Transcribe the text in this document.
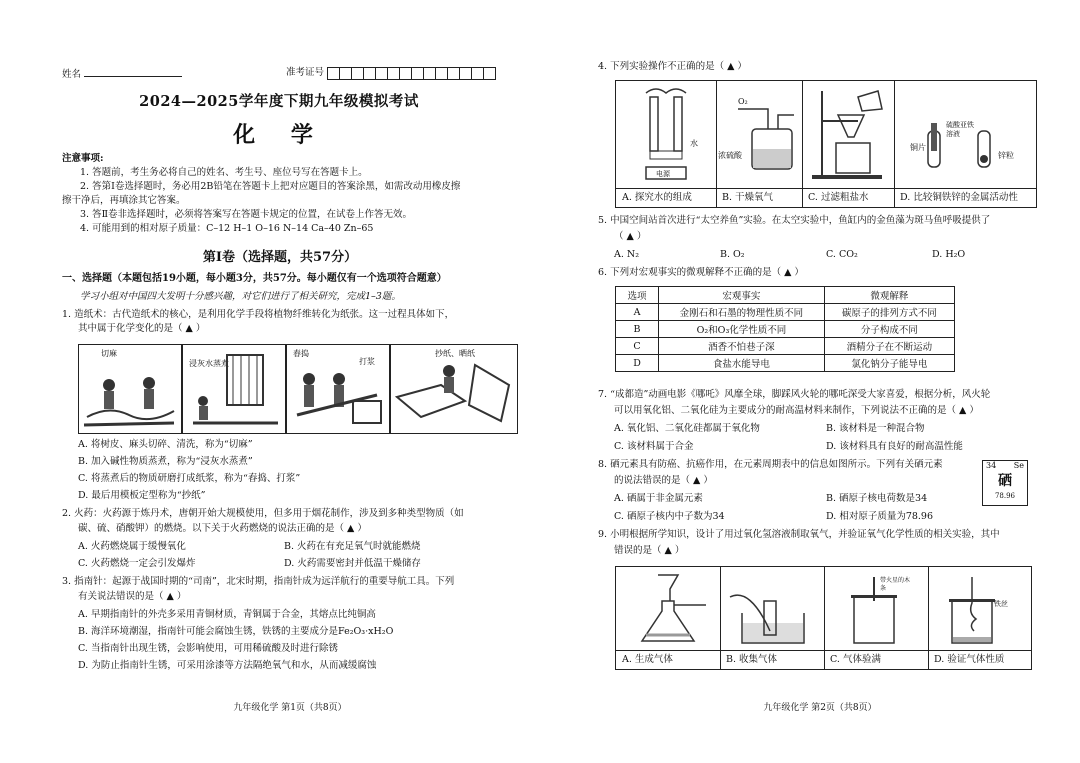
姓名	准考证号
2024—2025学年度下期九年级模拟考试
化 学
注意事项:
1. 答题前，考生务必将自己的姓名、考生号、座位号写在答题卡上。
2. 答第Ⅰ卷选择题时，务必用2B铅笔在答题卡上把对应题目的答案涂黑，如需改动用橡皮擦
擦干净后，再填涂其它答案。
3. 答Ⅱ卷非选择题时，必须将答案写在答题卡规定的位置，在试卷上作答无效。
4. 可能用到的相对原子质量：C–12 H–1 O–16 N–14 Ca–40 Zn–65
第Ⅰ卷（选择题，共57分）
一、选择题（本题包括19小题，每小题3分，共57分。每小题仅有一个选项符合题意）
学习小组对中国四大发明十分感兴趣，对它们进行了相关研究，完成1–3题。
1. 造纸术：古代造纸术的核心，是利用化学手段将植物纤维转化为纸张。这一过程具体如下，
其中属于化学变化的是（ ▲ ）
切麻
浸灰水蒸煮
舂捣
打浆
抄纸、晒纸
A. 将树皮、麻头切碎、清洗，称为“切麻”
B. 加入碱性物质蒸煮，称为“浸灰水蒸煮”
C. 将蒸煮后的物质研磨打成纸浆，称为“舂捣、打浆”
D. 最后用模板定型称为“抄纸”
2. 火药：火药源于炼丹术，唐朝开始大规模使用，但多用于烟花制作，涉及到多种类型物质（如
碳、硫、硝酸钾）的燃烧。以下关于火药燃烧的说法正确的是（ ▲ ）
A. 火药燃烧属于缓慢氧化	B. 火药在有充足氧气时就能燃烧
C. 火药燃烧一定会引发爆炸	D. 火药需要密封并低温干燥储存
3. 指南针：起源于战国时期的“司南”，北宋时期，指南针成为远洋航行的重要导航工具。下列
有关说法错误的是（ ▲ ）
A. 早期指南针的外壳多采用青铜材质，青铜属于合金，其熔点比纯铜高
B. 海洋环境潮湿，指南针可能会腐蚀生锈，铁锈的主要成分是Fe₂O₃·xH₂O
C. 当指南针出现生锈，会影响使用，可用稀硫酸及时进行除锈
D. 为防止指南针生锈，可采用涂漆等方法隔绝氧气和水，从而减缓腐蚀
九年级化学 第1页（共8页）
4. 下列实验操作不正确的是（ ▲ ）
水
电源
A. 探究水的组成
O₂
浓硫酸
B. 干燥氧气	C. 过滤粗盐水
铜片
硫酸亚铁溶液
锌粒
D. 比较铜铁锌的金属活动性
5. 中国空间站首次进行“太空养鱼”实验。在太空实验中，鱼缸内的金鱼藻为斑马鱼呼吸提供了
（ ▲ ）
A. N₂	B. O₂	C. CO₂	D. H₂O
6. 下列对宏观事实的微观解释不正确的是（ ▲ ）
选项	宏观事实	微观解释
A	金刚石和石墨的物理性质不同	碳原子的排列方式不同
B	O₂和O₃化学性质不同	分子构成不同
C	酒香不怕巷子深	酒精分子在不断运动
D	食盐水能导电	氯化钠分子能导电
7. “成都造”动画电影《哪吒》风靡全球，脚踩风火轮的哪吒深受大家喜爱，根据分析，风火轮
可以用氧化铝、二氧化硅为主要成分的耐高温材料来制作，下列说法不正确的是（ ▲ ）
A. 氧化铝、二氧化硅都属于氧化物	B. 该材料是一种混合物
C. 该材料属于合金	D. 该材料具有良好的耐高温性能
8. 硒元素具有防癌、抗癌作用，在元素周期表中的信息如图所示。下列有关硒元素
的说法错误的是（ ▲ ）
34 Se
硒
78.96
A. 硒属于非金属元素	B. 硒原子核电荷数是34
C. 硒原子核内中子数为34	D. 相对原子质量为78.96
9. 小明根据所学知识，设计了用过氧化氢溶液制取氧气，并验证氧气化学性质的相关实验，其中
错误的是（ ▲ ）
A. 生成气体	B. 收集气体
带火星的木条
C. 气体验满
铁丝
D. 验证气体性质
九年级化学 第2页（共8页）
